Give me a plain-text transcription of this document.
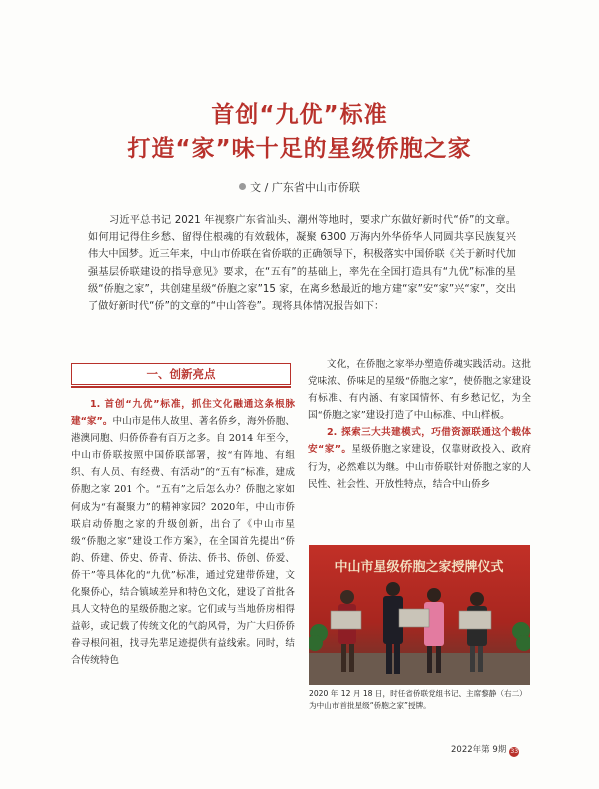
首创“九优”标准
打造“家”味十足的星级侨胞之家
文 / 广东省中山市侨联
习近平总书记 2021 年视察广东省汕头、潮州等地时，要求广东做好新时代“侨”的文章。如何用记得住乡愁、留得住根魂的有效载体，凝聚 6300 万海内外华侨华人同圆共享民族复兴伟大中国梦。近三年来，中山市侨联在省侨联的正确领导下，积极落实中国侨联《关于新时代加强基层侨联建设的指导意见》要求，在“五有”的基础上，率先在全国打造具有“九优”标准的星级“侨胞之家”，共创建星级“侨胞之家”15 家，在离乡愁最近的地方建“家”安“家”兴“家”，交出了做好新时代“侨”的文章的“中山答卷”。现将具体情况报告如下：
一、创新亮点
1. 首创“九优”标准，抓住文化融通这条根脉建“家”。中山市是伟人故里、著名侨乡，海外侨胞、港澳同胞、归侨侨眷有百万之多。自 2014 年至今，中山市侨联按照中国侨联部署，按“有阵地、有组织、有人员、有经费、有活动”的“五有”标准，建成侨胞之家 201 个。“五有”之后怎么办？侨胞之家如何成为“有凝聚力”的精神家园？2020年，中山市侨联启动侨胞之家的升级创新，出台了《中山市星级“侨胞之家”建设工作方案》，在全国首先提出“侨韵、侨建、侨史、侨青、侨法、侨书、侨创、侨爱、侨干”等具体化的“九优”标准，通过党建带侨建，文化聚侨心，结合镇域差异和特色文化，建设了首批各具人文特色的星级侨胞之家。它们或与当地侨房相得益彰，或记载了传统文化的气韵风骨，为广大归侨侨眷寻根问祖，找寻先辈足迹提供有益线索。同时，结合传统特色
文化，在侨胞之家举办塑造侨魂实践活动。这批党味浓、侨味足的星级“侨胞之家”，使侨胞之家建设有标准、有内涵、有家国情怀、有乡愁记忆，为全国“侨胞之家”建设打造了中山标准、中山样板。
2. 探索三大共建模式，巧借资源联通这个载体安“家”。星级侨胞之家建设，仅靠财政投入、政府行为，必然难以为继。中山市侨联针对侨胞之家的人民性、社会性、开放性特点，结合中山侨乡
中山市星级侨胞之家授牌仪式
2020 年 12 月 18 日，时任省侨联党组书记、主席黎静（右二）为中山市首批星级“侨胞之家”授牌。
2022年第 9期 33
